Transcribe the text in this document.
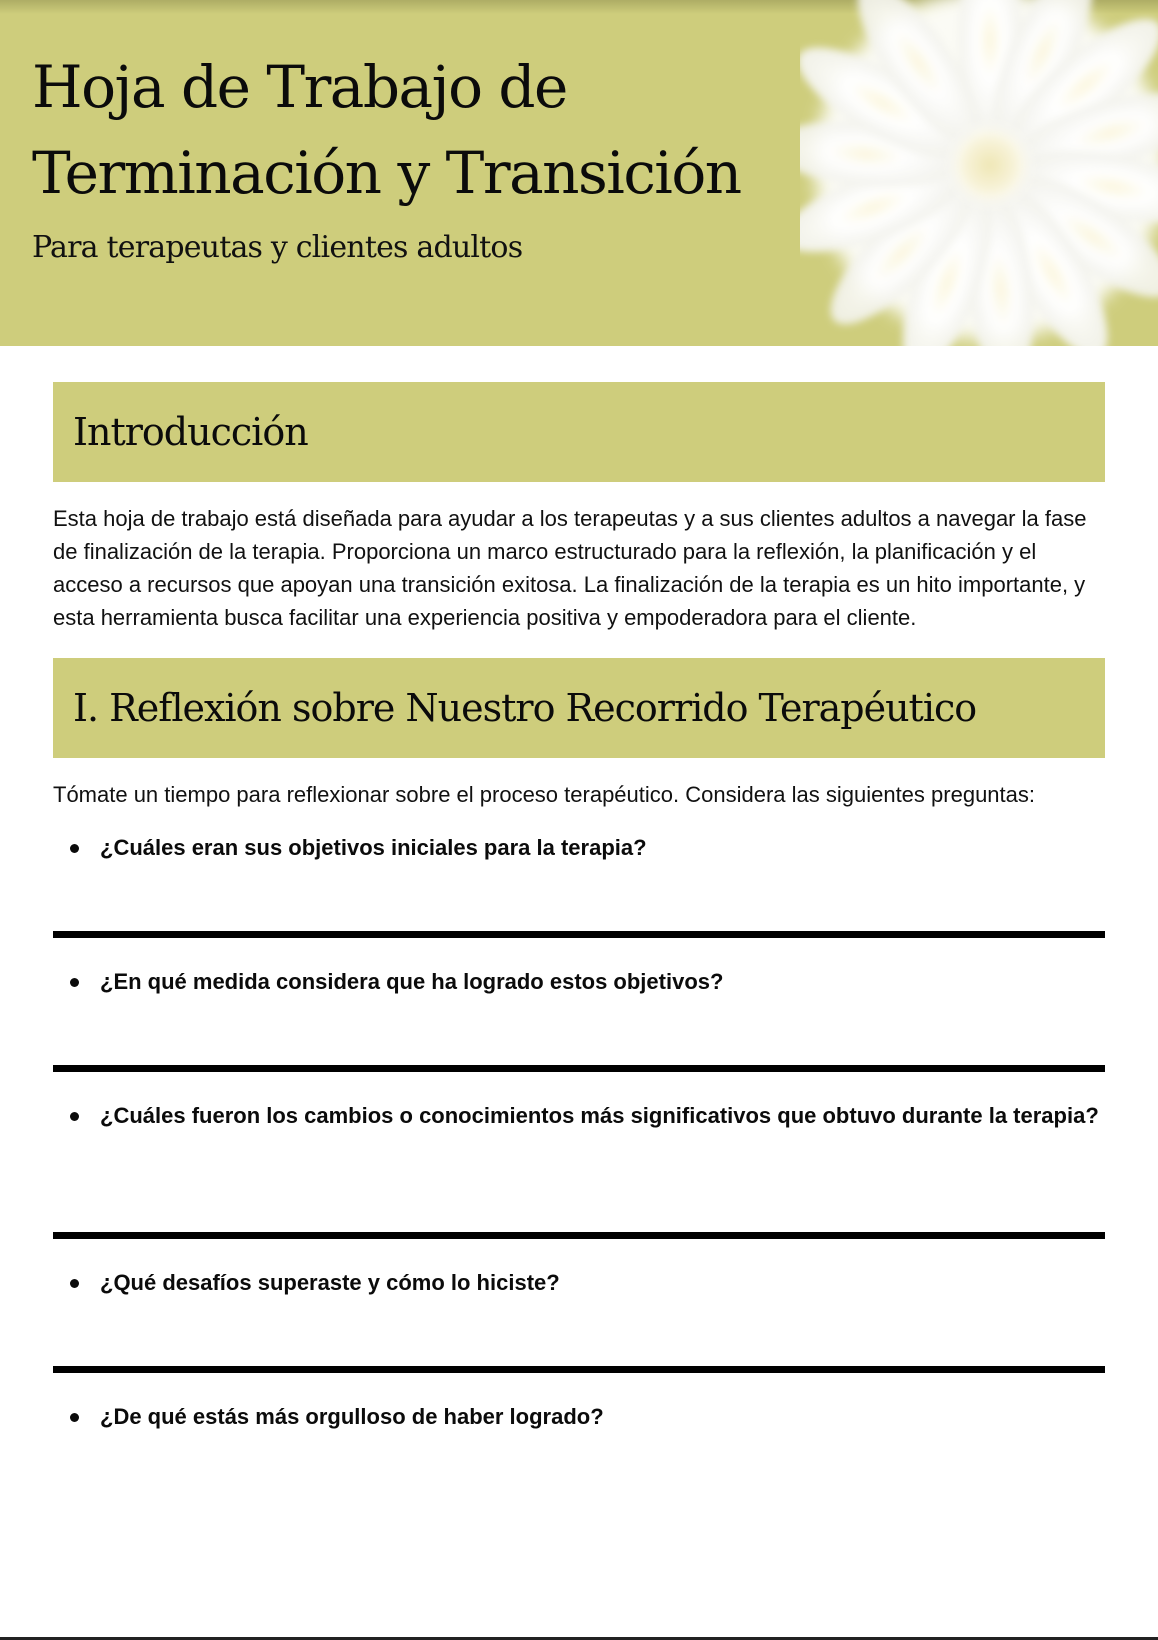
Hoja de Trabajo de
Terminación y Transición

Para terapeutas y clientes adultos

Introducción

Esta hoja de trabajo está diseñada para ayudar a los terapeutas y a sus clientes adultos a navegar la fase de finalización de la terapia. Proporciona un marco estructurado para la reflexión, la planificación y el acceso a recursos que apoyan una transición exitosa. La finalización de la terapia es un hito importante, y esta herramienta busca facilitar una experiencia positiva y empoderadora para el cliente.

I. Reflexión sobre Nuestro Recorrido Terapéutico

Tómate un tiempo para reflexionar sobre el proceso terapéutico. Considera las siguientes preguntas:

¿Cuáles eran sus objetivos iniciales para la terapia?
¿En qué medida considera que ha logrado estos objetivos?
¿Cuáles fueron los cambios o conocimientos más significativos que obtuvo durante la terapia?
¿Qué desafíos superaste y cómo lo hiciste?
¿De qué estás más orgulloso de haber logrado?
